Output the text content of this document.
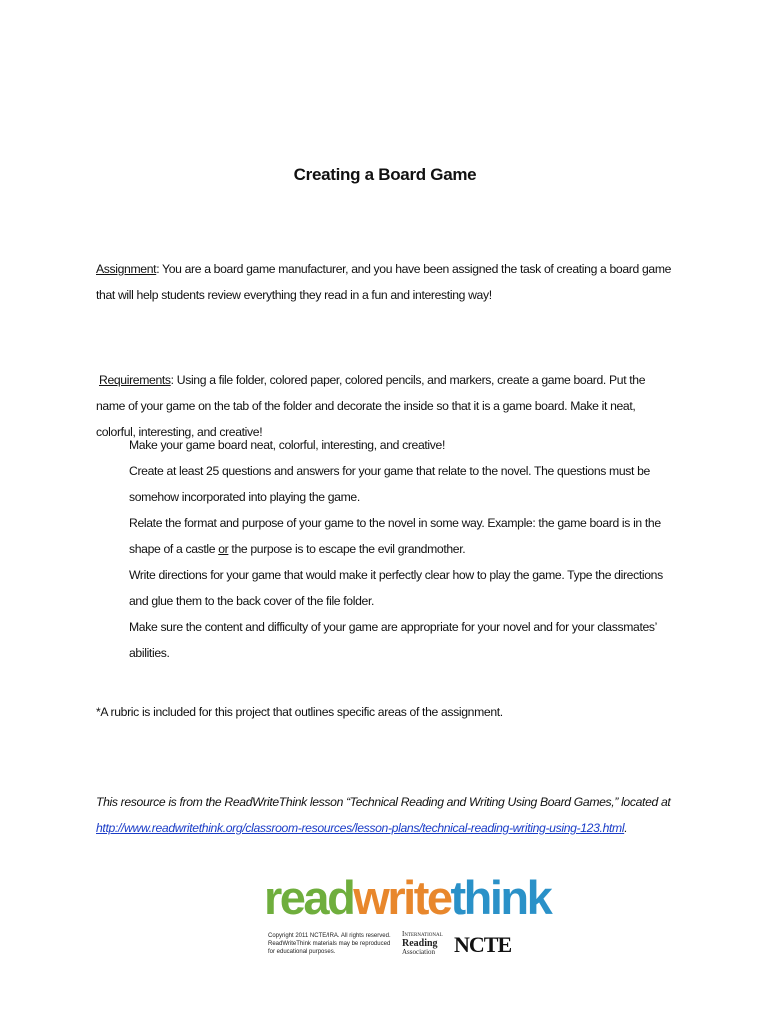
Creating a Board Game
Assignment: You are a board game manufacturer, and you have been assigned the task of creating a board game that will help students review everything they read in a fun and interesting way!
Requirements: Using a file folder, colored paper, colored pencils, and markers, create a game board. Put the name of your game on the tab of the folder and decorate the inside so that it is a game board. Make it neat, colorful, interesting, and creative!
Make your game board neat, colorful, interesting, and creative!
Create at least 25 questions and answers for your game that relate to the novel. The questions must be somehow incorporated into playing the game.
Relate the format and purpose of your game to the novel in some way. Example: the game board is in the shape of a castle or the purpose is to escape the evil grandmother.
Write directions for your game that would make it perfectly clear how to play the game. Type the directions and glue them to the back cover of the file folder.
Make sure the content and difficulty of your game are appropriate for your novel and for your classmates’ abilities.
*A rubric is included for this project that outlines specific areas of the assignment.
This resource is from the ReadWriteThink lesson “Technical Reading and Writing Using Board Games,” located at
http://www.readwritethink.org/classroom-resources/lesson-plans/technical-reading-writing-using-123.html.
readwritethink
Copyright 2011 NCTE/IRA. All rights reserved. ReadWriteThink materials may be reproduced for educational purposes.
International
Reading
Association NCTE
